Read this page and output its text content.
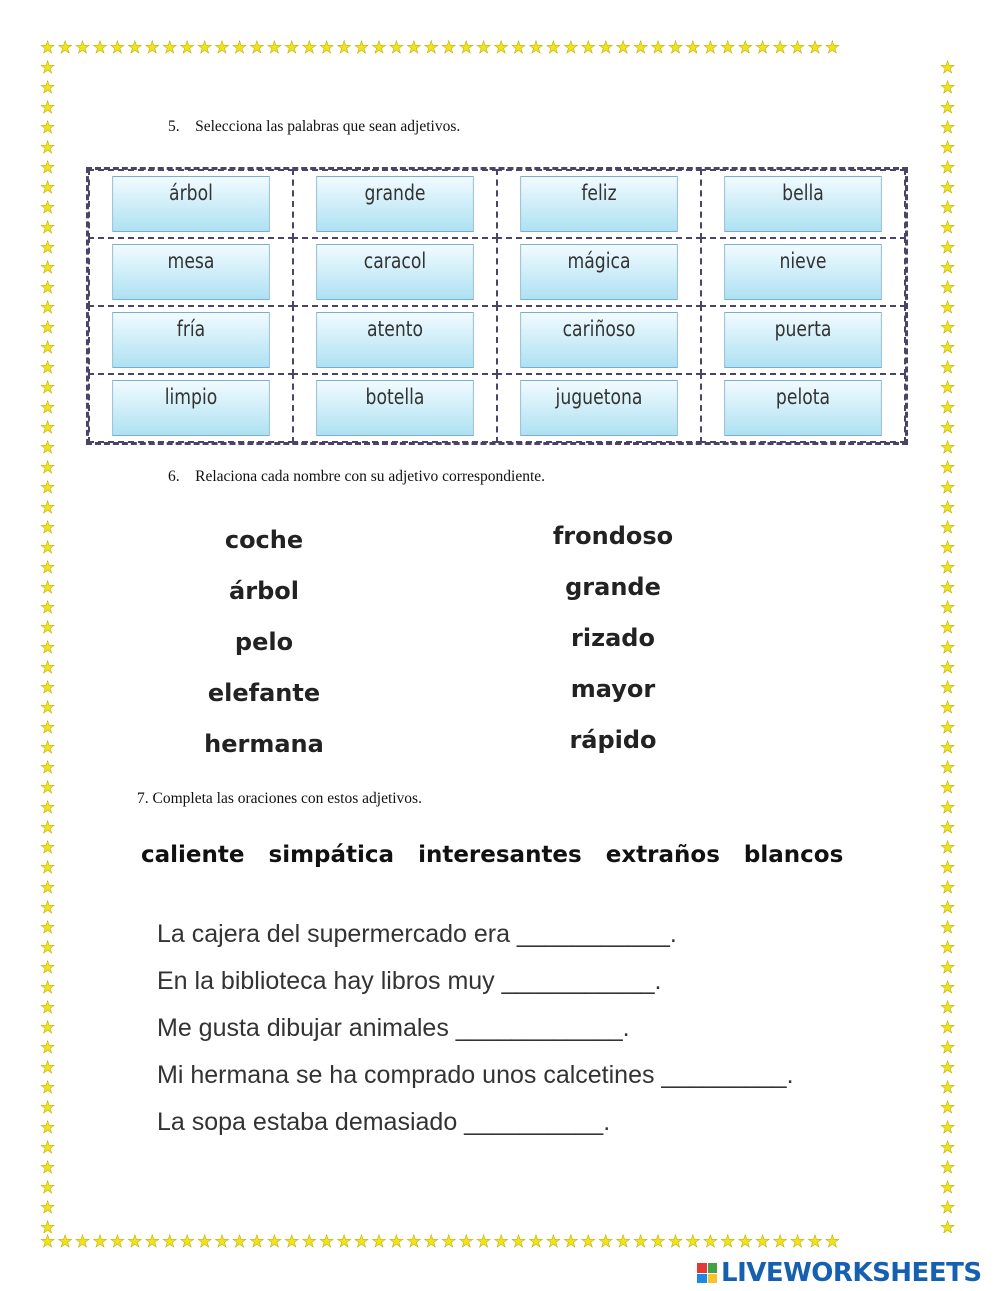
★★★★★★★★★★★★★★★★★★★★★★★★★★★★★★★★★★★★★★★★★★★★★★
★★★★★★★★★★★★★★★★★★★★★★★★★★★★★★★★★★★★★★★★★★★★★★
★
★
★
★
★
★
★
★
★
★
★
★
★
★
★
★
★
★
★
★
★
★
★
★
★
★
★
★
★
★
★
★
★
★
★
★
★
★
★
★
★
★
★
★
★
★
★
★
★
★
★
★
★
★
★
★
★
★
★
★
★
★
★
★
★
★
★
★
★
★
★
★
★
★
★
★
★
★
★
★
★
★
★
★
★
★
★
★
★
★
★
★
★
★
★
★
★
★
★
★
★
★
★
★
★
★
★
★
★
★
★
★
★
★
★
★
★
★
5.    Selecciona las palabras que sean adjetivos.
árbol	grande	feliz	bella
mesa	caracol	mágica	nieve
fría	atento	cariñoso	puerta
limpio	botella	juguetona	pelota
6.    Relaciona cada nombre con su adjetivo correspondiente.
coche
árbol
pelo
elefante
hermana
frondoso
grande
rizado
mayor
rápido
7. Completa las oraciones con estos adjetivos.
caliente simpática interesantes extraños blancos
La cajera del supermercado era ___________.
En la biblioteca hay libros muy ___________.
Me gusta dibujar animales ____________.
Mi hermana se ha comprado unos calcetines _________.
La sopa estaba demasiado __________.
LIVEWORKSHEETS
